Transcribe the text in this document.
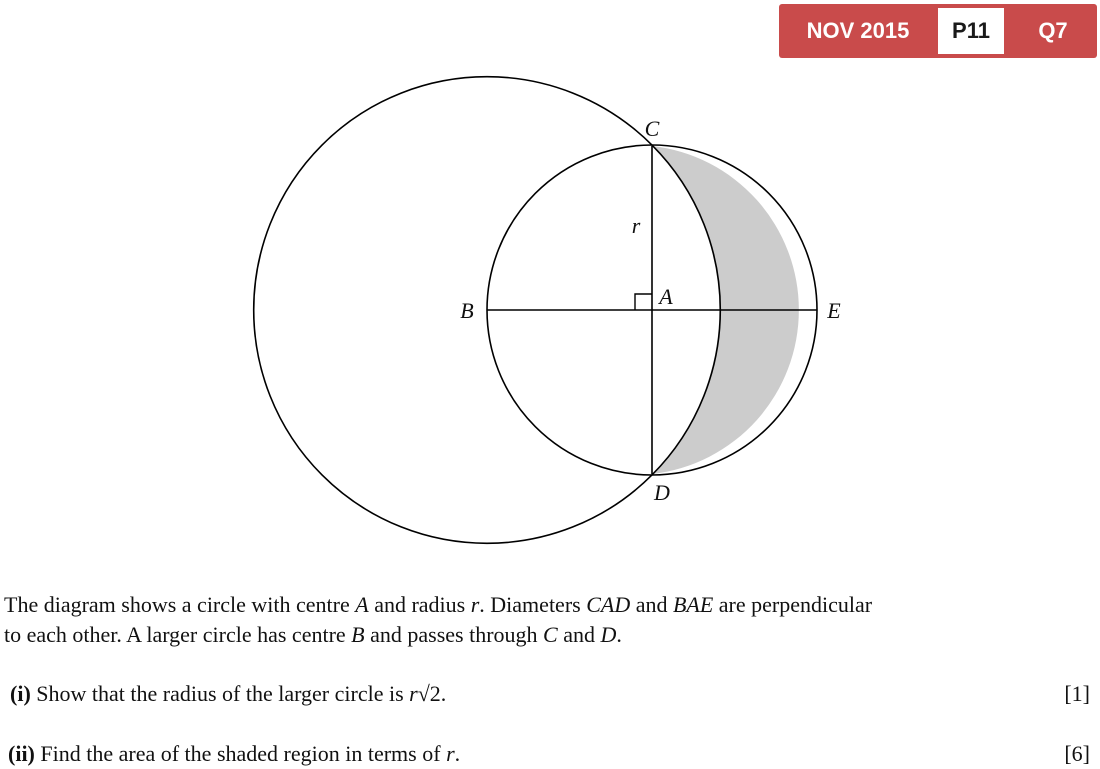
NOV 2015	P11	Q7
C
r
A
B	E
D
The diagram shows a circle with centre A and radius r. Diameters CAD and BAE are perpendicular
to each other. A larger circle has centre B and passes through C and D.
(i) Show that the radius of the larger circle is r√2.	[1]
(ii) Find the area of the shaded region in terms of r.	[6]
